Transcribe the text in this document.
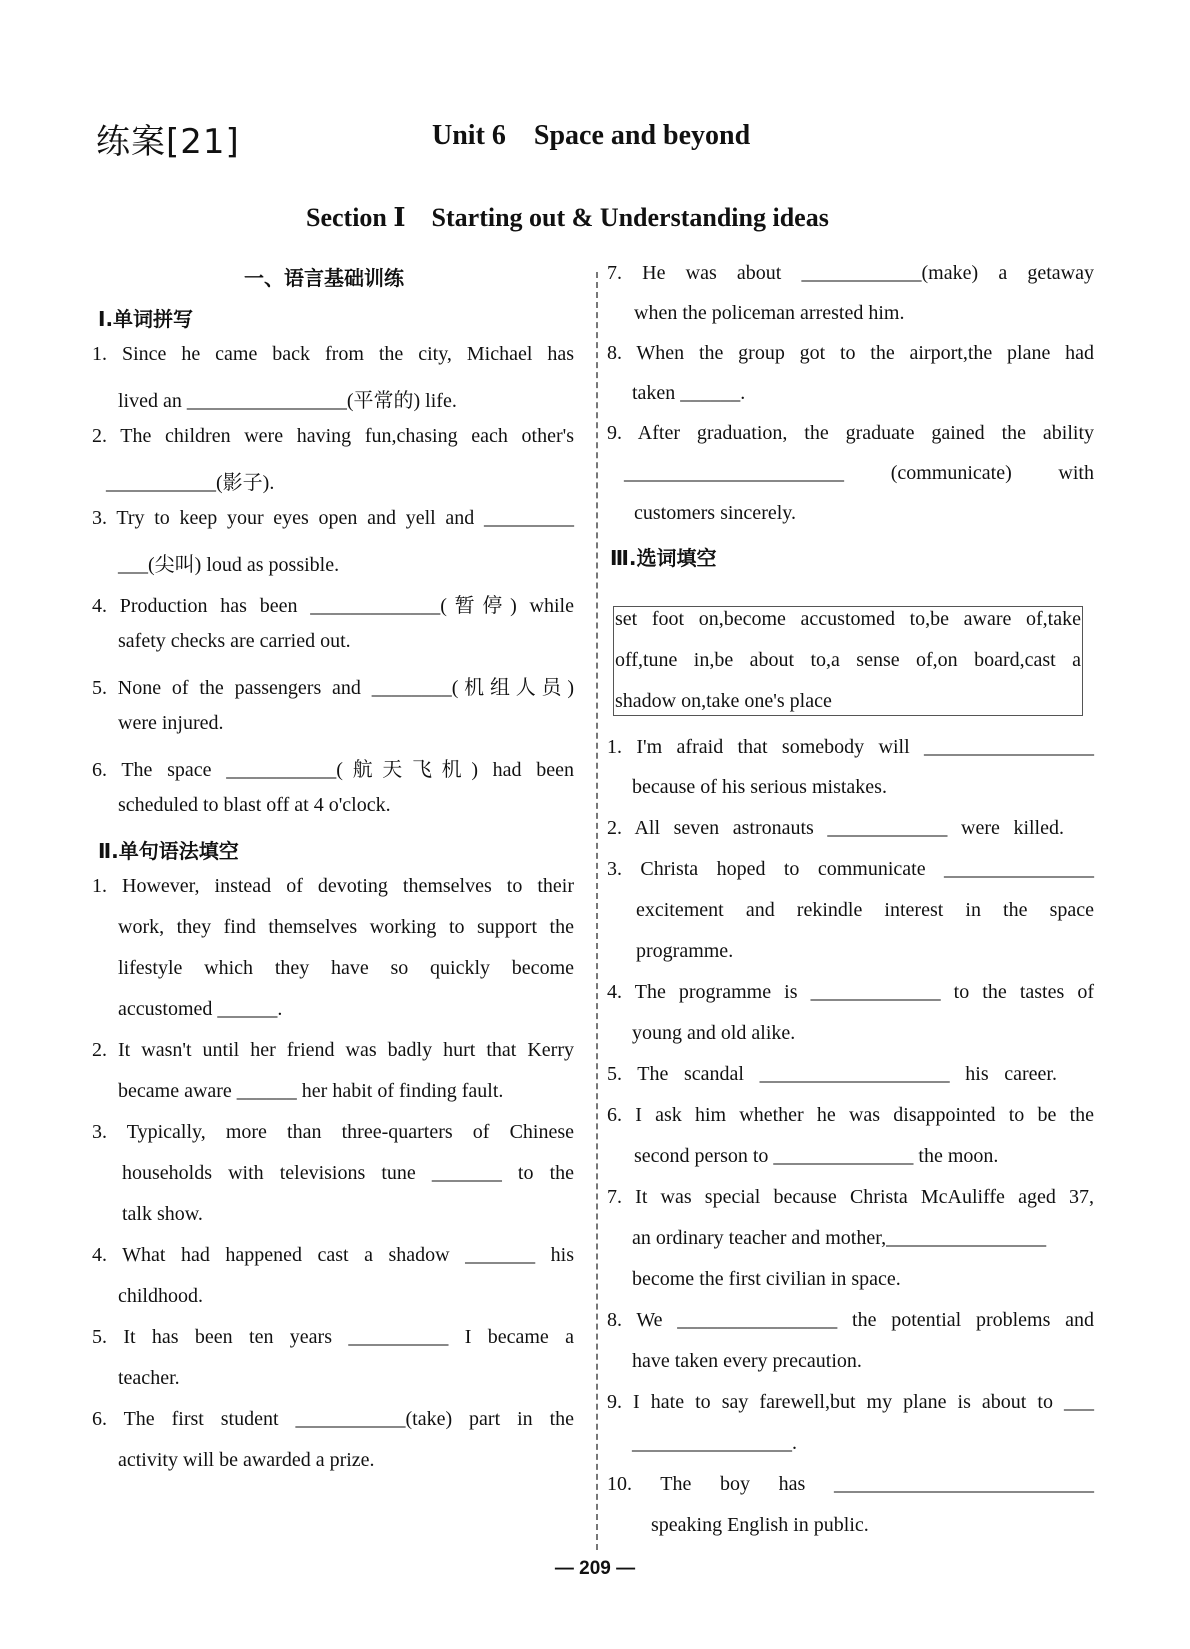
练案[21]	Unit 6    Space and beyond
Section Ⅰ    Starting out & Understanding ideas
一、语言基础训练
Ⅰ.单词拼写
1. Since he came back from the city, Michael has
lived an ________________(平常的) life.
2. The children were having fun,chasing each other's
___________(影子).
3. Try to keep your eyes open and yell and _________
___(尖叫) loud as possible.
4. Production has been _____________(暂停) while
safety checks are carried out.
5. None of the passengers and ________(机组人员)
were injured.
6. The space ___________(航天飞机) had been
scheduled to blast off at 4 o'clock.
Ⅱ.单句语法填空
1. However, instead of devoting themselves to their
work, they find themselves working to support the
lifestyle which they have so quickly become
accustomed ______.
2. It wasn't until her friend was badly hurt that Kerry
became aware ______ her habit of finding fault.
3. Typically, more than three-quarters of Chinese
households with televisions tune _______ to the
talk show.
4. What had happened cast a shadow _______ his
childhood.
5. It has been ten years __________ I became a
teacher.
6. The first student ___________(take) part in the
activity will be awarded a prize.
7. He was about ____________(make) a getaway
when the policeman arrested him.
8. When the group got to the airport,the plane had
taken ______.
9. After graduation, the graduate gained the ability
______________________ (communicate) with
customers sincerely.
Ⅲ.选词填空
set foot on,become accustomed to,be aware of,take
off,tune in,be about to,a sense of,on board,cast a
shadow on,take one's place
1. I'm afraid that somebody will _________________
because of his serious mistakes.
2. All seven astronauts ____________ were killed.
3. Christa hoped to communicate _______________
excitement and rekindle interest in the space
programme.
4. The programme is _____________ to the tastes of
young and old alike.
5. The scandal ___________________ his career.
6. I ask him whether he was disappointed to be the
second person to ______________ the moon.
7. It was special because Christa McAuliffe aged 37,
an ordinary teacher and mother,________________
become the first civilian in space.
8. We ________________ the potential problems and
have taken every precaution.
9. I hate to say farewell,but my plane is about to ___
________________.
10. The boy has __________________________
speaking English in public.
— 209 —
